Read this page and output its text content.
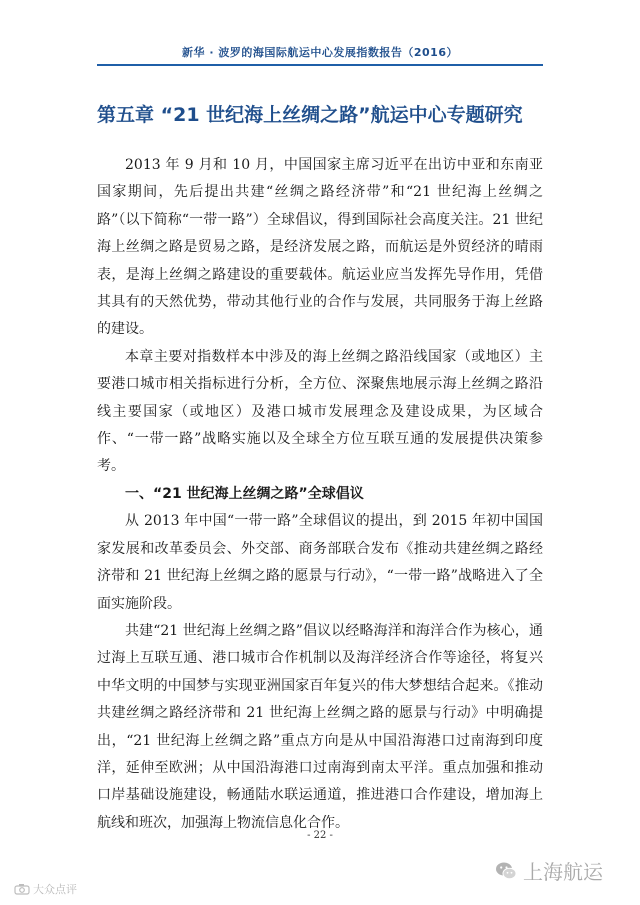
新华 · 波罗的海国际航运中心发展指数报告（2016）
第五章 “21 世纪海上丝绸之路”航运中心专题研究

2013 年 9 月和 10 月，中国国家主席习近平在出访中亚和东南亚国家期间，先后提出共建“丝绸之路经济带”和“21 世纪海上丝绸之路”（以下简称“一带一路”）全球倡议，得到国际社会高度关注。21 世纪海上丝绸之路是贸易之路，是经济发展之路，而航运是外贸经济的晴雨表，是海上丝绸之路建设的重要载体。航运业应当发挥先导作用，凭借其具有的天然优势，带动其他行业的合作与发展，共同服务于海上丝路的建设。

本章主要对指数样本中涉及的海上丝绸之路沿线国家（或地区）主要港口城市相关指标进行分析，全方位、深聚焦地展示海上丝绸之路沿线主要国家（或地区）及港口城市发展理念及建设成果，为区域合作、“一带一路”战略实施以及全球全方位互联互通的发展提供决策参考。

一、“21 世纪海上丝绸之路”全球倡议

从 2013 年中国“一带一路”全球倡议的提出，到 2015 年初中国国家发展和改革委员会、外交部、商务部联合发布《推动共建丝绸之路经济带和 21 世纪海上丝绸之路的愿景与行动》，“一带一路”战略进入了全面实施阶段。

共建“21 世纪海上丝绸之路”倡议以经略海洋和海洋合作为核心，通过海上互联互通、港口城市合作机制以及海洋经济合作等途径，将复兴中华文明的中国梦与实现亚洲国家百年复兴的伟大梦想结合起来。《推动共建丝绸之路经济带和 21 世纪海上丝绸之路的愿景与行动》中明确提出，“21 世纪海上丝绸之路”重点方向是从中国沿海港口过南海到印度洋，延伸至欧洲；从中国沿海港口过南海到南太平洋。重点加强和推动口岸基础设施建设，畅通陆水联运通道，推进港口合作建设，增加海上航线和班次，加强海上物流信息化合作。

- 22 -
大众点评
上海航运
